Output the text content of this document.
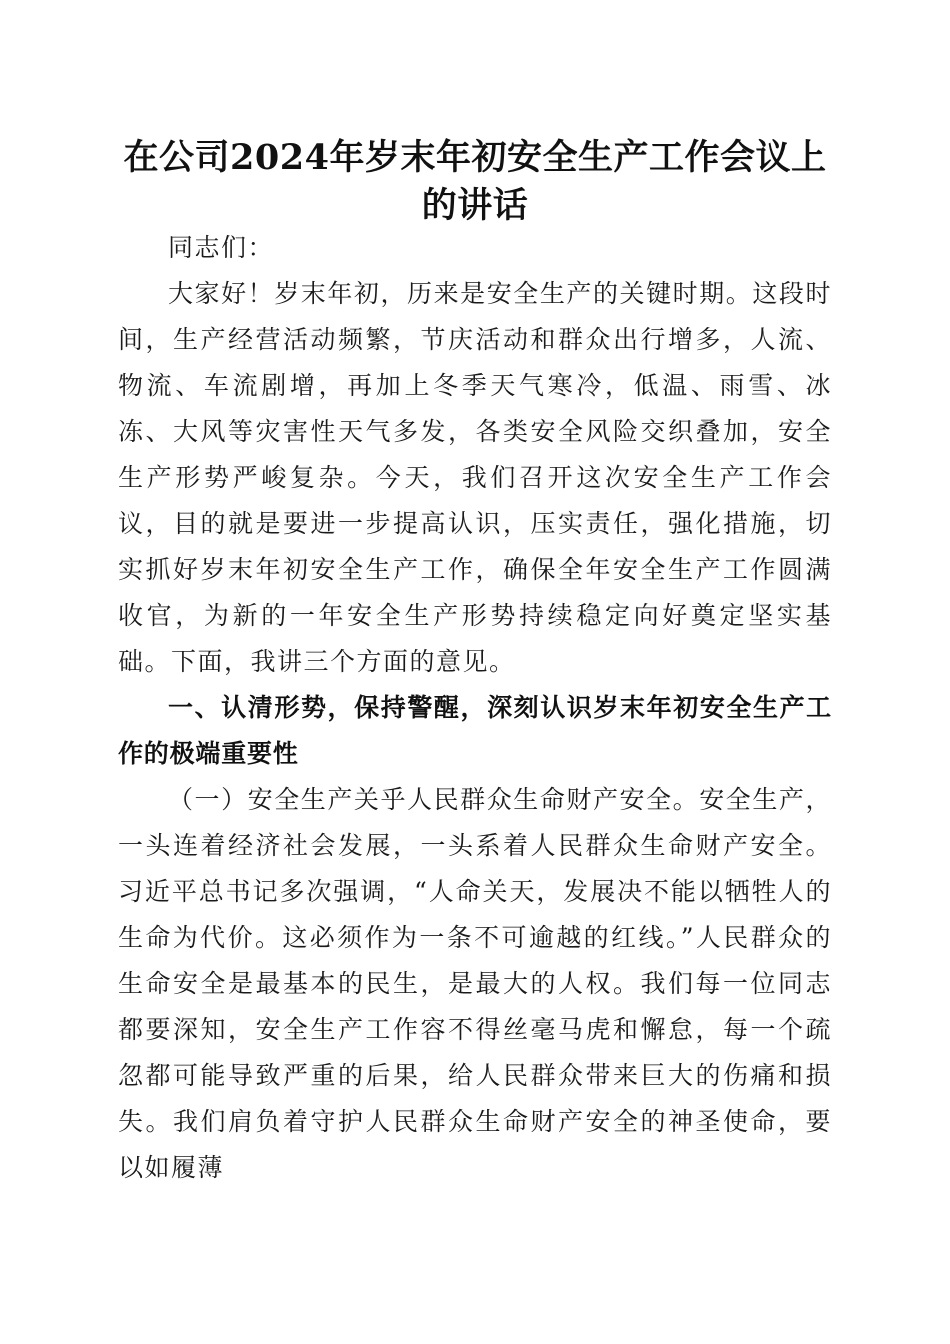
在公司2024年岁末年初安全生产工作会议上的讲话

同志们：

大家好！岁末年初，历来是安全生产的关键时期。这段时间，生产经营活动频繁，节庆活动和群众出行增多，人流、物流、车流剧增，再加上冬季天气寒冷，低温、雨雪、冰冻、大风等灾害性天气多发，各类安全风险交织叠加，安全生产形势严峻复杂。今天，我们召开这次安全生产工作会议，目的就是要进一步提高认识，压实责任，强化措施，切实抓好岁末年初安全生产工作，确保全年安全生产工作圆满收官，为新的一年安全生产形势持续稳定向好奠定坚实基础。下面，我讲三个方面的意见。

一、认清形势，保持警醒，深刻认识岁末年初安全生产工作的极端重要性

（一）安全生产关乎人民群众生命财产安全。安全生产，一头连着经济社会发展，一头系着人民群众生命财产安全。习近平总书记多次强调，“人命关天，发展决不能以牺牲人的生命为代价。这必须作为一条不可逾越的红线。”人民群众的生命安全是最基本的民生，是最大的人权。我们每一位同志都要深知，安全生产工作容不得丝毫马虎和懈怠，每一个疏忽都可能导致严重的后果，给人民群众带来巨大的伤痛和损失。我们肩负着守护人民群众生命财产安全的神圣使命，要以如履薄
